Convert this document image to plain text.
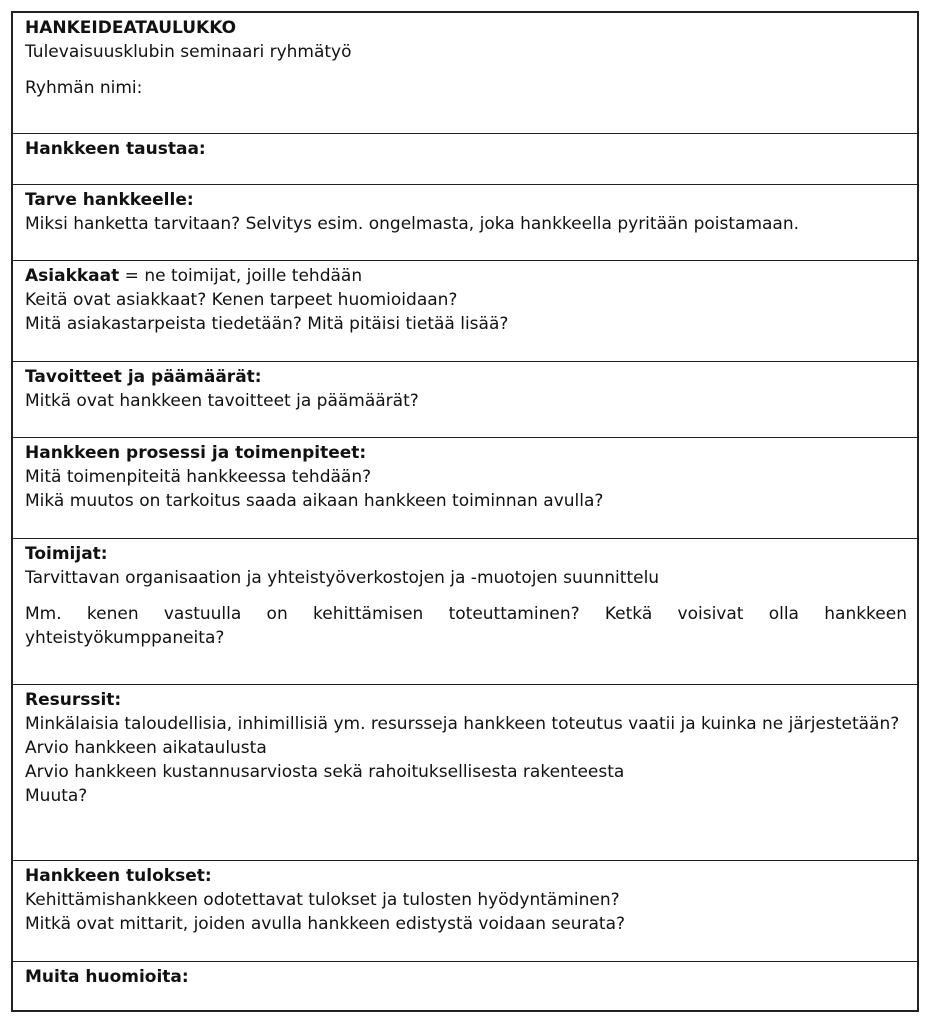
HANKEIDEATAULUKKO

Tulevaisuusklubin seminaari ryhmätyö

Ryhmän nimi:

Hankkeen taustaa:

Tarve hankkeelle:

Miksi hanketta tarvitaan? Selvitys esim. ongelmasta, joka hankkeella pyritään poistamaan.

Asiakkaat = ne toimijat, joille tehdään

Keitä ovat asiakkaat? Kenen tarpeet huomioidaan?

Mitä asiakastarpeista tiedetään? Mitä pitäisi tietää lisää?

Tavoitteet ja päämäärät:

Mitkä ovat hankkeen tavoitteet ja päämäärät?

Hankkeen prosessi ja toimenpiteet:

Mitä toimenpiteitä hankkeessa tehdään?

Mikä muutos on tarkoitus saada aikaan hankkeen toiminnan avulla?

Toimijat:

Tarvittavan organisaation ja yhteistyöverkostojen ja -muotojen suunnittelu

Mm. kenen vastuulla on kehittämisen toteuttaminen? Ketkä voisivat olla hankkeen yhteistyökumppaneita?

Resurssit:

Minkälaisia taloudellisia, inhimillisiä ym. resursseja hankkeen toteutus vaatii ja kuinka ne järjestetään?

Arvio hankkeen aikataulusta

Arvio hankkeen kustannusarviosta sekä rahoituksellisesta rakenteesta

Muuta?

Hankkeen tulokset:

Kehittämishankkeen odotettavat tulokset ja tulosten hyödyntäminen?

Mitkä ovat mittarit, joiden avulla hankkeen edistystä voidaan seurata?

Muita huomioita:
